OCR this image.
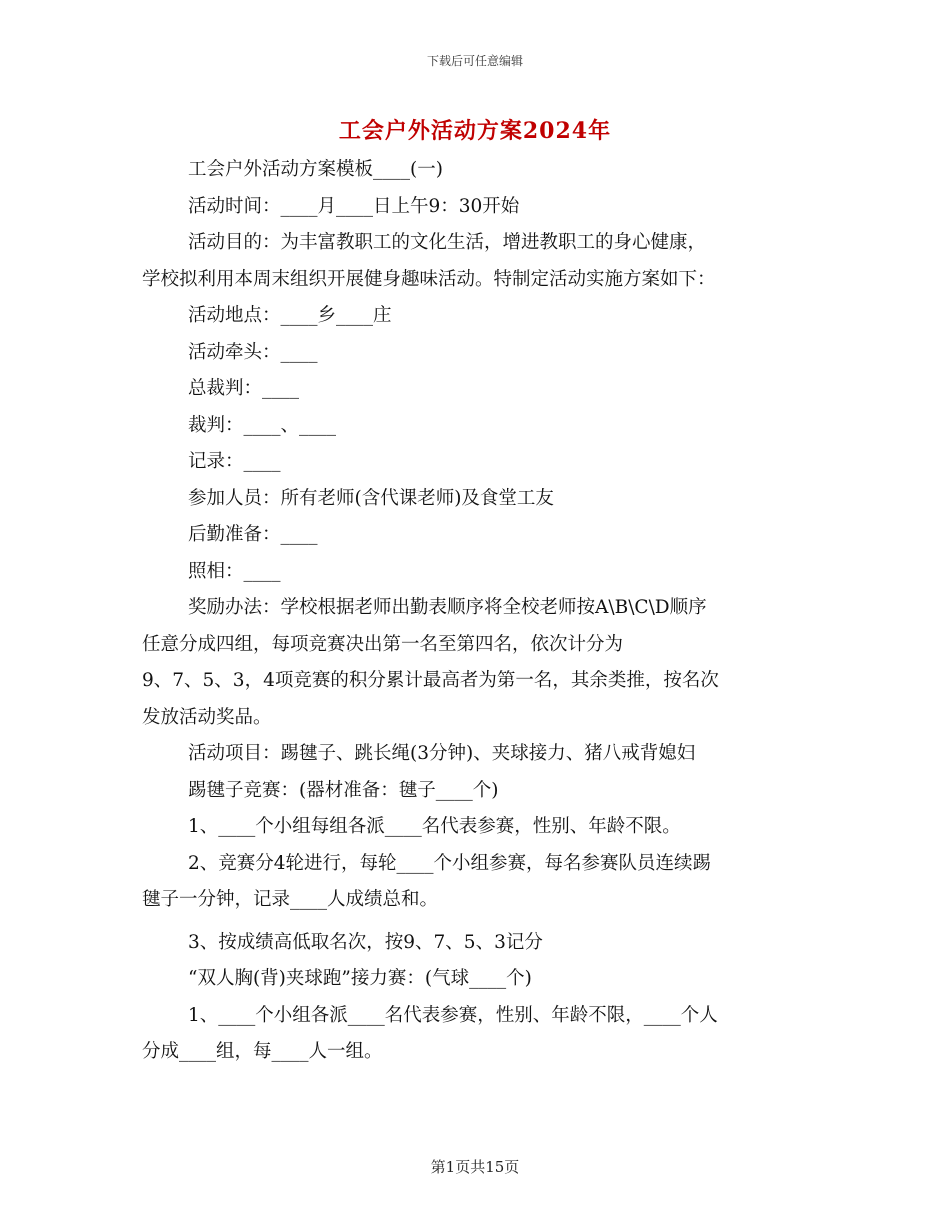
下载后可任意编辑
工会户外活动方案2024年

工会户外活动方案模板____(一)

活动时间：____月____日上午9：30开始

活动目的：为丰富教职工的文化生活，增进教职工的身心健康，

学校拟利用本周末组织开展健身趣味活动。特制定活动实施方案如下：

活动地点：____乡____庄

活动牵头：____

总裁判：____

裁判：____、____

记录：____

参加人员：所有老师(含代课老师)及食堂工友

后勤准备：____

照相：____

奖励办法：学校根据老师出勤表顺序将全校老师按A\B\C\D顺序

任意分成四组，每项竞赛决出第一名至第四名，依次计分为

9、7、5、3，4项竞赛的积分累计最高者为第一名，其余类推，按名次

发放活动奖品。

活动项目：踢毽子、跳长绳(3分钟)、夹球接力、猪八戒背媳妇

踢毽子竞赛：(器材准备：毽子____个)

1、____个小组每组各派____名代表参赛，性别、年龄不限。

2、竞赛分4轮进行，每轮____个小组参赛，每名参赛队员连续踢

毽子一分钟，记录____人成绩总和。

3、按成绩高低取名次，按9、7、5、3记分

“双人胸(背)夹球跑”接力赛：(气球____个)

1、____个小组各派____名代表参赛，性别、年龄不限，____个人

分成____组，每____人一组。

第1页共15页
